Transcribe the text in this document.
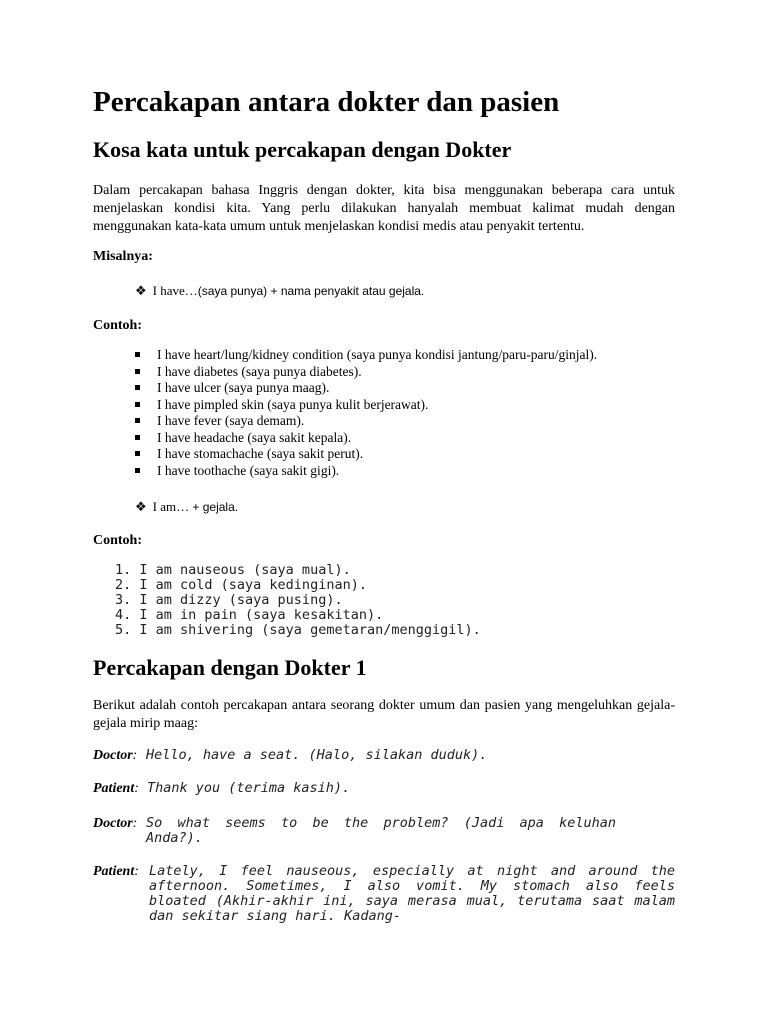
Percakapan antara dokter dan pasien
Kosa kata untuk percakapan dengan Dokter

Dalam percakapan bahasa Inggris dengan dokter, kita bisa menggunakan beberapa cara untuk menjelaskan kondisi kita. Yang perlu dilakukan hanyalah membuat kalimat mudah dengan menggunakan kata-kata umum untuk menjelaskan kondisi medis atau penyakit tertentu.

Misalnya:

❖ I have…(saya punya) + nama penyakit atau gejala.

Contoh:

I have heart/lung/kidney condition (saya punya kondisi jantung/paru-paru/ginjal).
I have diabetes (saya punya diabetes).
I have ulcer (saya punya maag).
I have pimpled skin (saya punya kulit berjerawat).
I have fever (saya demam).
I have headache (saya sakit kepala).
I have stomachache (saya sakit perut).
I have toothache (saya sakit gigi).
❖ I am… + gejala.

Contoh:

1. I am nauseous (saya mual).
2. I am cold (saya kedinginan).
3. I am dizzy (saya pusing).
4. I am in pain (saya kesakitan).
5. I am shivering (saya gemetaran/menggigil).
Percakapan dengan Dokter 1

Berikut adalah contoh percakapan antara seorang dokter umum dan pasien yang mengeluhkan gejala-gejala mirip maag:

Doctor: Hello, have a seat. (Halo, silakan duduk).
Patient: Thank you (terima kasih).
Doctor: So what seems to be the problem? (Jadi apa keluhan Anda?).
Patient: Lately, I feel nauseous, especially at night and around the afternoon. Sometimes, I also vomit. My stomach also feels bloated (Akhir-akhir ini, saya merasa mual, terutama saat malam dan sekitar siang hari. Kadang-
